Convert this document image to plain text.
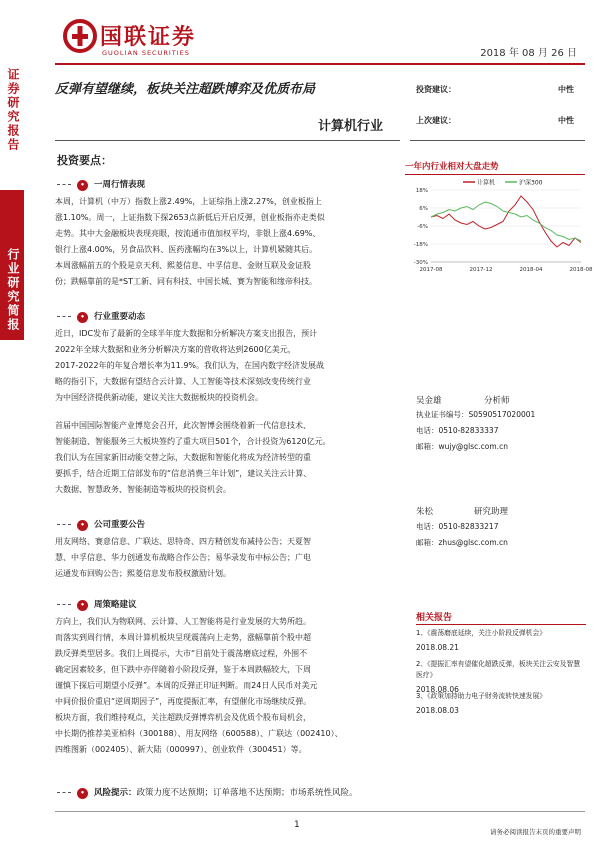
国联证券
GUOLIAN SECURITIES	2018 年 08 月 26 日
证券研究报告
行业研究简报
反弹有望继续，板块关注超跌博弈及优质布局
计算机行业
投资建议：	中性
上次建议：	中性
投资要点：
• 一周行情表现
本周，计算机（中万）指数上涨2.49%，上证综指上涨2.27%，创业板指上
涨1.10%。周一，上证指数下探2653点新低后开启反弹，创业板指亦走类似
走势。其中大金融板块表现亮眼，按流通市值加权平均，非银上涨4.69%、
银行上涨4.00%，另食品饮料、医药涨幅均在3%以上，计算机紧随其后。
本周涨幅前五的个股是京天利、熙菱信息、中孚信息、金财互联及金证股
份；跌幅靠前的是*ST工新、同有科技、中国长城、赛为智能和缘帝科技。
• 行业重要动态
近日，IDC发布了最新的全球半年度大数据和分析解决方案支出报告，预计
2022年全球大数据和业务分析解决方案的营收将达到2600亿美元，
2017-2022年的年复合增长率为11.9%。我们认为，在国内数字经济发展战
略的指引下，大数据有望结合云计算、人工智能等技术深刻改变传统行业
为中国经济提供新动能，建议关注大数据板块的投资机会。
首届中国国际智能产业博览会召开，此次智博会围绕着新一代信息技术、
智能制造、智能服务三大板块签约了重大项目501个，合计投资为6120亿元。
我们认为在国家新旧动能交替之际，大数据和智能化将成为经济转型的重
要抓手，结合近期工信部发布的“信息消费三年计划”，建议关注云计算、
大数据、智慧政务、智能制造等板块的投资机会。
• 公司重要公告
用友网络、赛意信息、广联达、思特奇、四方精创发布减持公告；天夏智
慧、中孚信息、华力创通发布战略合作公告；易华录发布中标公告；广电
运通发布回购公告；熙菱信息发布股权激励计划。
• 周策略建议
方向上，我们认为物联网、云计算、人工智能将是行业发展的大势所趋。
而落实到周行情，本周计算机板块呈现震荡向上走势，涨幅靠前个股中超
跌反弹类型居多。我们上周提示，大市“目前处于震荡磨底过程，外围不
确定因素较多，但下跌中亦伴随着小阶段反弹，鉴于本周跌幅较大，下周
谨慎下探后可期望小反弹”。本周的反弹正印证判断。而24日人民币对美元
中间价报价重启“逆周期因子”，再度提振汇率，有望催化市场继续反弹。
板块方面，我们维持观点，关注超跌反弹博弈机会及优质个股布局机会，
中长期仍推荐美亚柏科（300188）、用友网络（600588）、广联达（002410）、
四维图新（002405）、新大陆（000997）、创业软件（300451）等。
• 风险提示：政策力度不达预期；订单落地不达预期；市场系统性风险。
一年内行业相对大盘走势
计算机	沪深300
18%
6%
-6%
-18%
-30%
2017-08	2017-12	2018-04	2018-08
吴金雄	分析师
执业证书编号：S0590517020001
电话：0510-82833337
邮箱：wujy@glsc.com.cn
朱松	研究助理
电话：0510-82833217
邮箱：zhus@glsc.com.cn
相关报告
1、《震荡磨底延续，关注小阶段反弹机会》
2018.08.21
2、《提振汇率有望催化超跌反弹，板块关注云安及智慧医疗》
2018.08.06
3、《政策加持助力电子财务流转快速发展》
2018.08.03
1
请务必阅读报告末页的重要声明
